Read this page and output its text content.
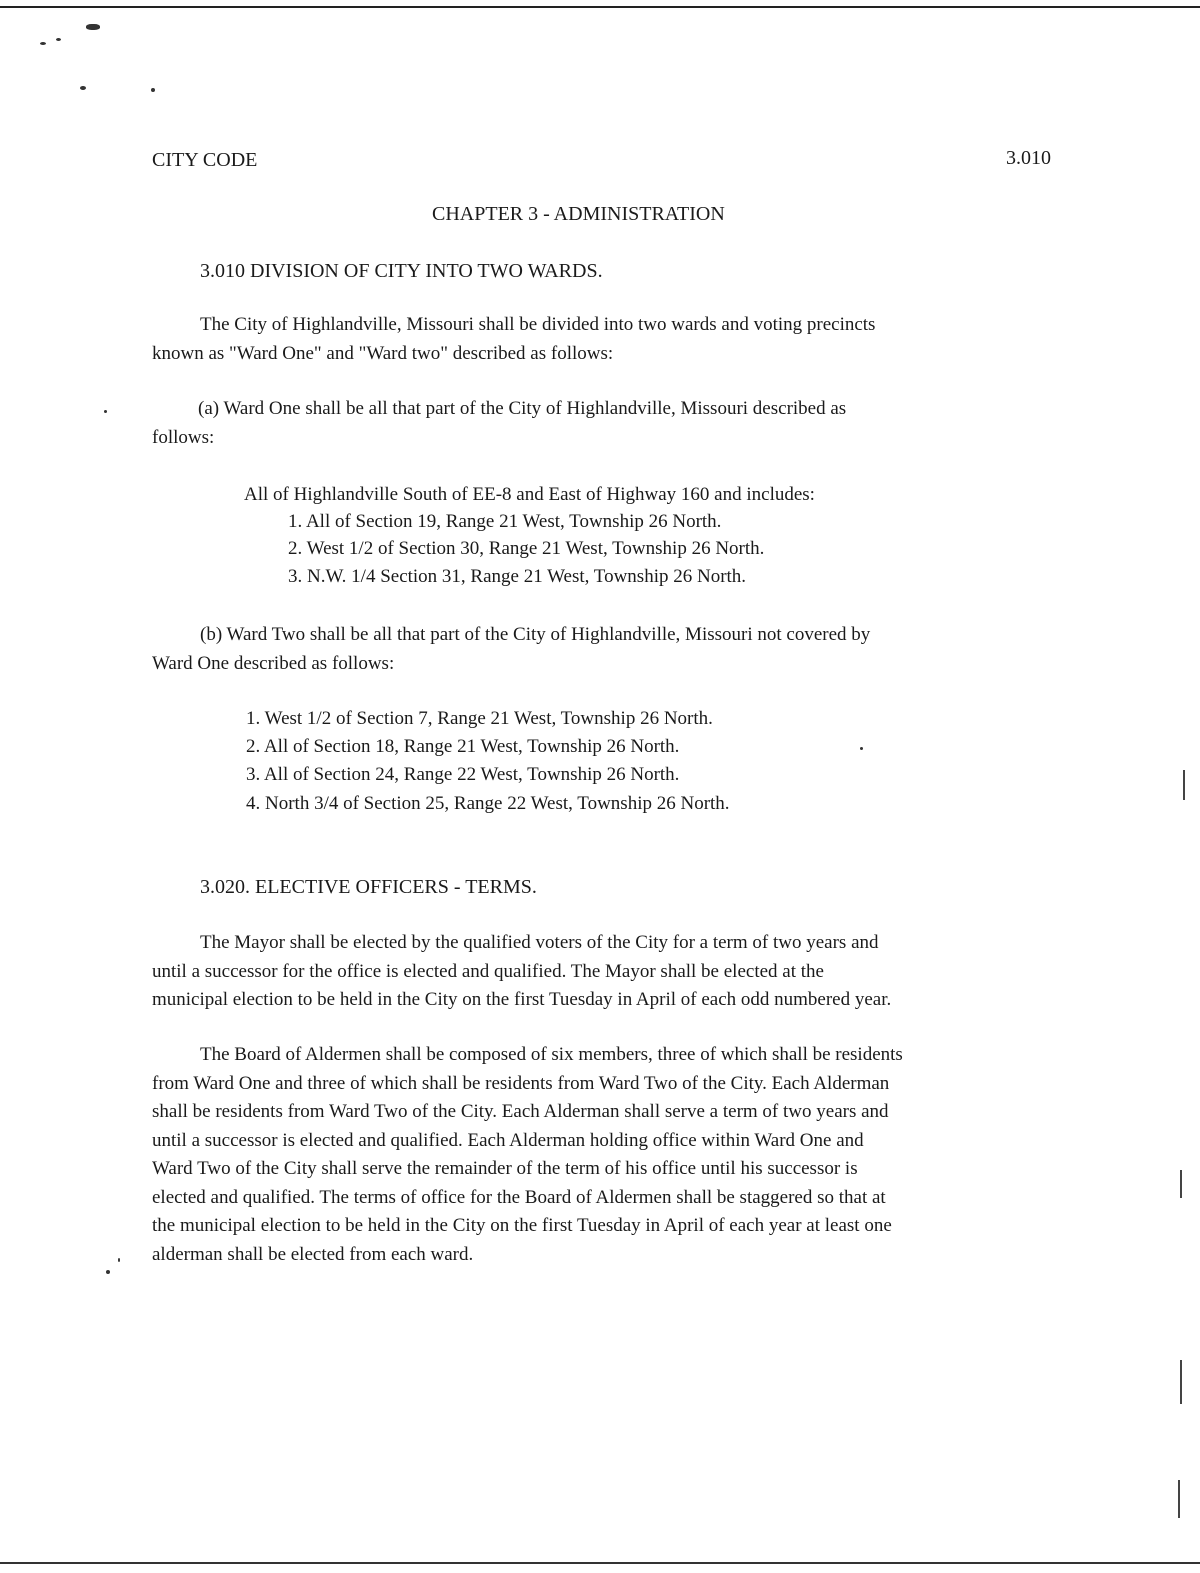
CITY CODE	3.010
CHAPTER 3 - ADMINISTRATION
3.010 DIVISION OF CITY INTO TWO WARDS.
The City of Highlandville, Missouri shall be divided into two wards and voting precincts
known as "Ward One" and "Ward two" described as follows:
(a) Ward One shall be all that part of the City of Highlandville, Missouri described as
follows:
All of Highlandville South of EE-8 and East of Highway 160 and includes:
1. All of Section 19, Range 21 West, Township 26 North.
2. West 1/2 of Section 30, Range 21 West, Township 26 North.
3. N.W. 1/4 Section 31, Range 21 West, Township 26 North.
(b) Ward Two shall be all that part of the City of Highlandville, Missouri not covered by
Ward One described as follows:
1. West 1/2 of Section 7, Range 21 West, Township 26 North.
2. All of Section 18, Range 21 West, Township 26 North.
3. All of Section 24, Range 22 West, Township 26 North.
4. North 3/4 of Section 25, Range 22 West, Township 26 North.
3.020. ELECTIVE OFFICERS - TERMS.
The Mayor shall be elected by the qualified voters of the City for a term of two years and
until a successor for the office is elected and qualified. The Mayor shall be elected at the
municipal election to be held in the City on the first Tuesday in April of each odd numbered year.
The Board of Aldermen shall be composed of six members, three of which shall be residents
from Ward One and three of which shall be residents from Ward Two of the City. Each Alderman
shall be residents from Ward Two of the City. Each Alderman shall serve a term of two years and
until a successor is elected and qualified. Each Alderman holding office within Ward One and
Ward Two of the City shall serve the remainder of the term of his office until his successor is
elected and qualified. The terms of office for the Board of Aldermen shall be staggered so that at
the municipal election to be held in the City on the first Tuesday in April of each year at least one
alderman shall be elected from each ward.
